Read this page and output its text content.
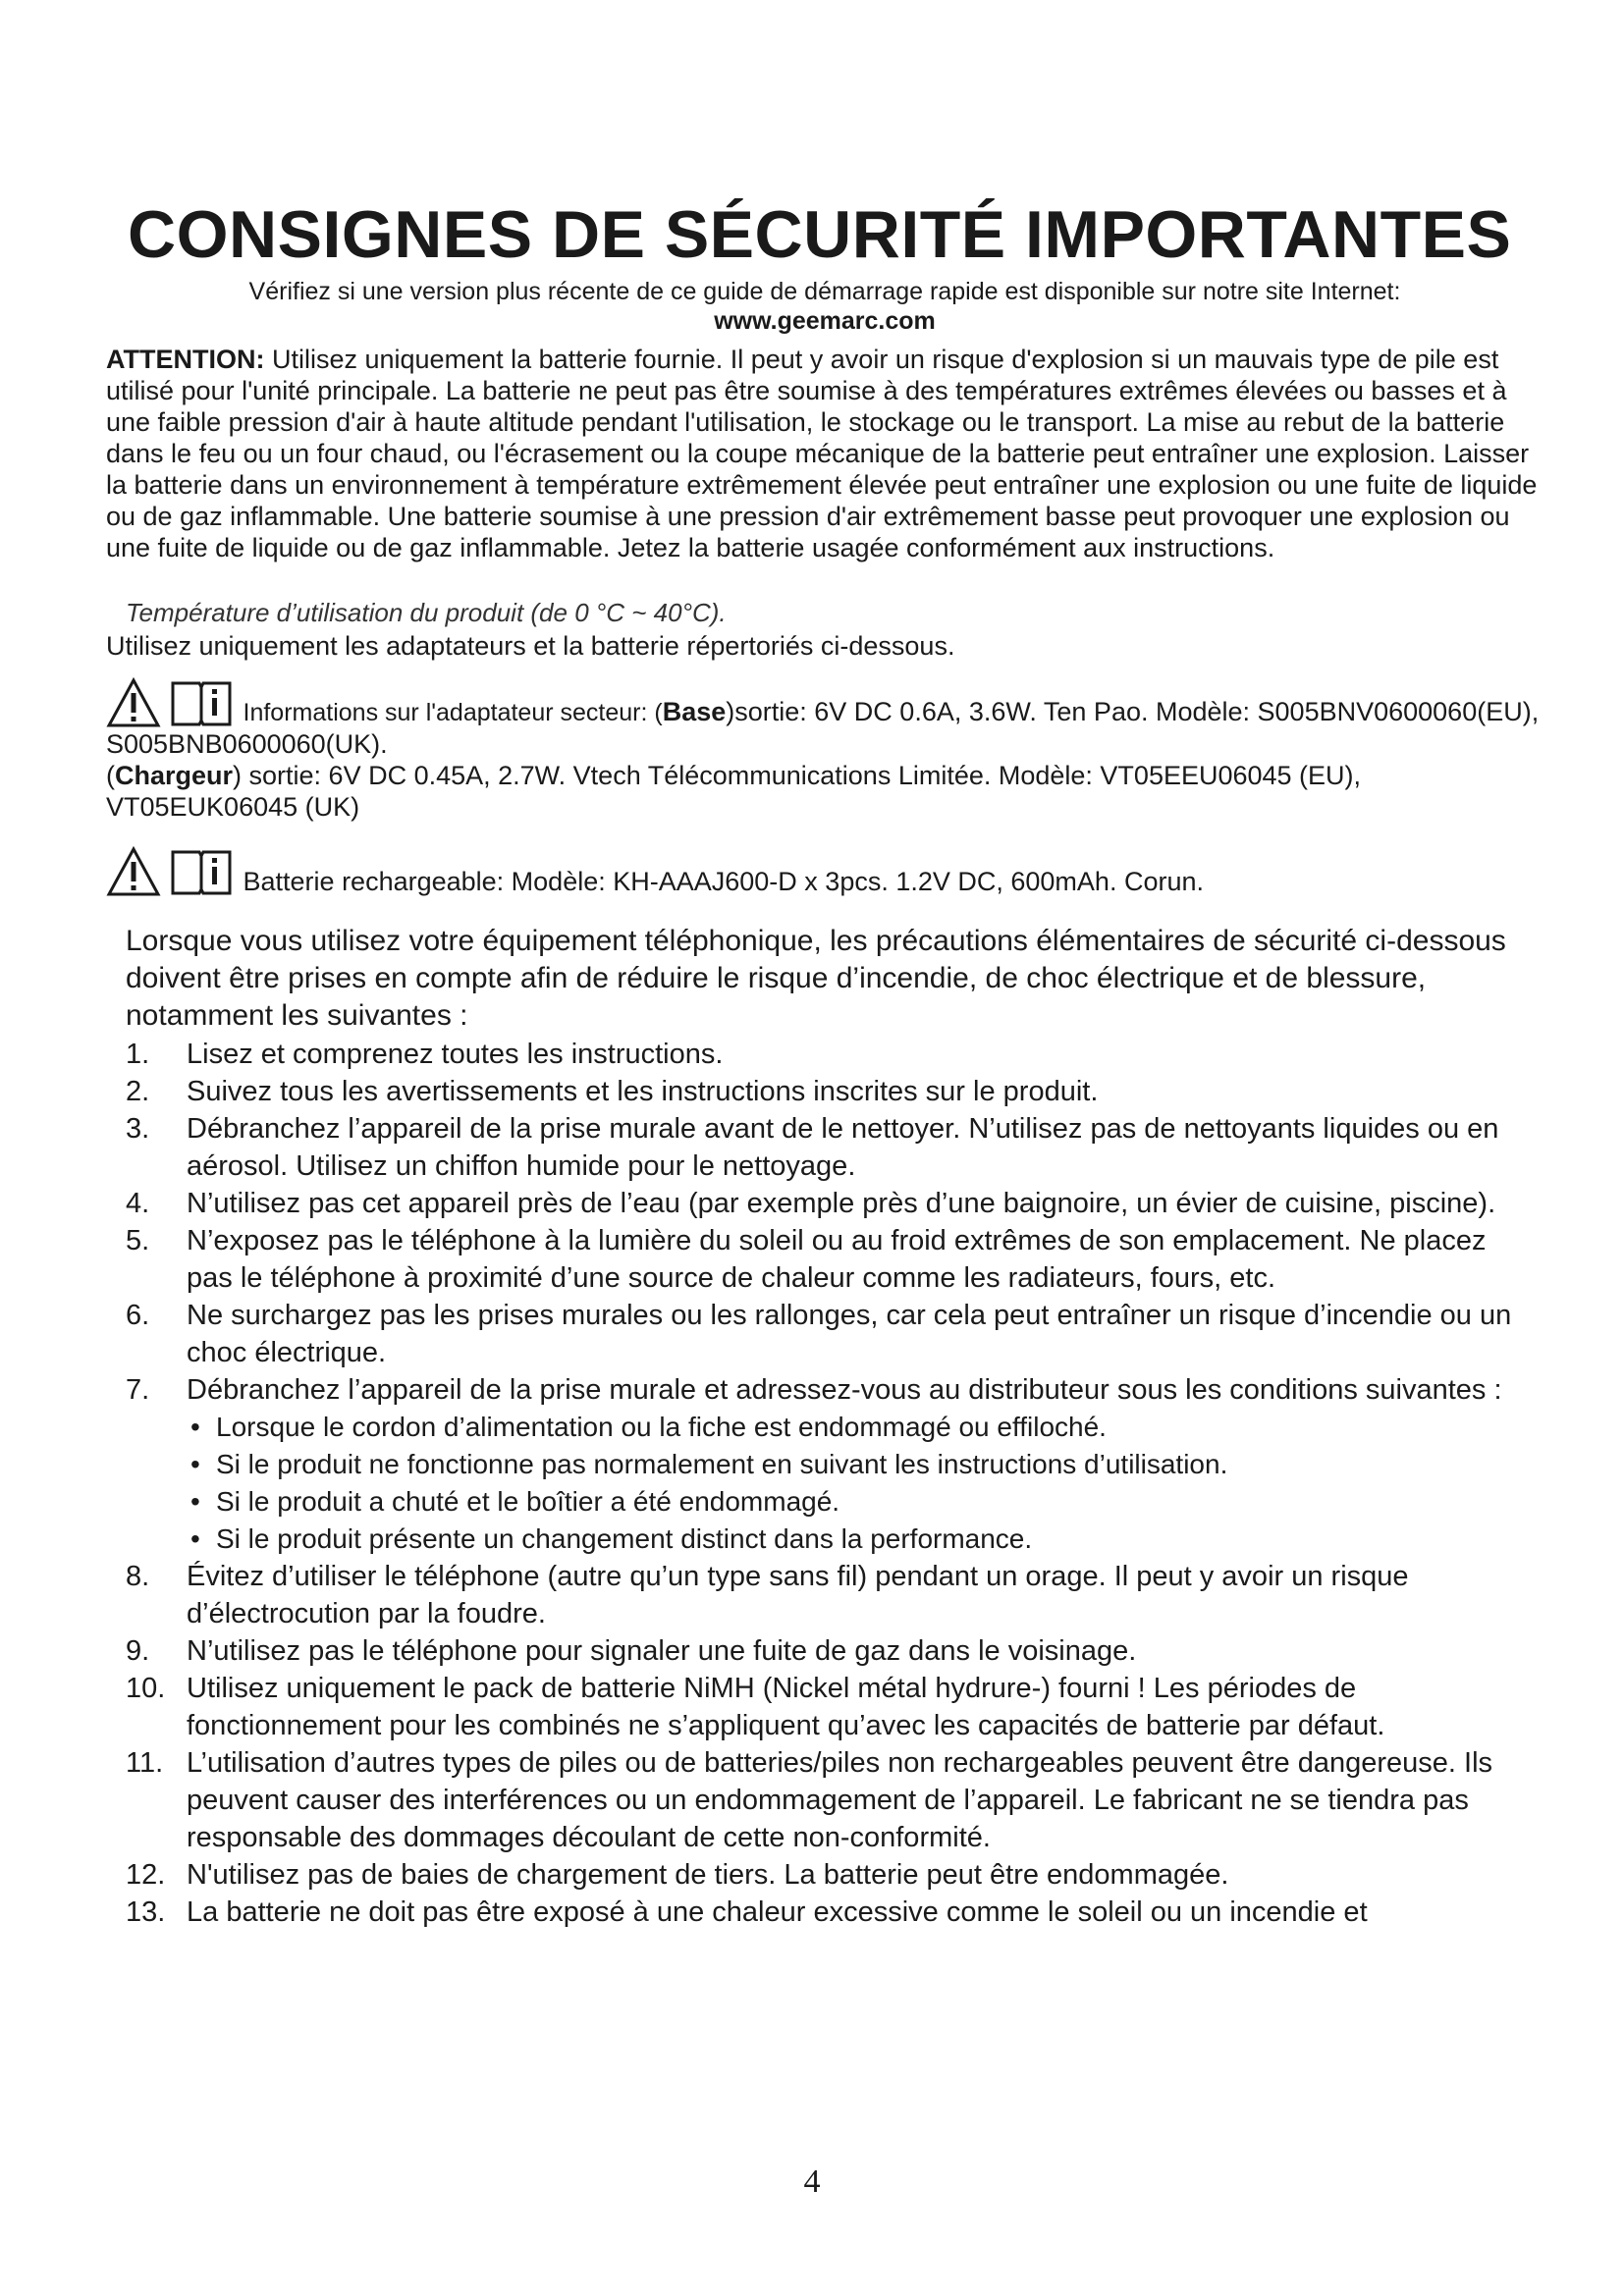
CONSIGNES DE SÉCURITÉ IMPORTANTES
Vérifiez si une version plus récente de ce guide de démarrage rapide est disponible sur notre site Internet:
www.geemarc.com
ATTENTION: Utilisez uniquement la batterie fournie. Il peut y avoir un risque d'explosion si un mauvais type de pile est utilisé pour l'unité principale. La batterie ne peut pas être soumise à des températures extrêmes élevées ou basses et à une faible pression d'air à haute altitude pendant l'utilisation, le stockage ou le transport. La mise au rebut de la batterie dans le feu ou un four chaud, ou l'écrasement ou la coupe mécanique de la batterie peut entraîner une explosion. Laisser la batterie dans un environnement à température extrêmement élevée peut entraîner une explosion ou une fuite de liquide ou de gaz inflammable. Une batterie soumise à une pression d'air extrêmement basse peut provoquer une explosion ou une fuite de liquide ou de gaz inflammable. Jetez la batterie usagée conformément aux instructions.
Température d’utilisation du produit (de 0 °C ~ 40°C).
Utilisez uniquement les adaptateurs et la batterie répertoriés ci-dessous.
Informations sur l'adaptateur secteur: (Base)sortie: 6V DC 0.6A, 3.6W. Ten Pao. Modèle: S005BNV0600060(EU), S005BNB0600060(UK).
(Chargeur) sortie: 6V DC 0.45A, 2.7W. Vtech Télécommunications Limitée. Modèle: VT05EEU06045 (EU), VT05EUK06045 (UK)
Batterie rechargeable: Modèle: KH-AAAJ600-D x 3pcs. 1.2V DC, 600mAh. Corun.
Lorsque vous utilisez votre équipement téléphonique, les précautions élémentaires de sécurité ci-dessous doivent être prises en compte afin de réduire le risque d’incendie, de choc électrique et de blessure, notamment les suivantes :
1. Lisez et comprenez toutes les instructions.
2. Suivez tous les avertissements et les instructions inscrites sur le produit.
3. Débranchez l’appareil de la prise murale avant de le nettoyer. N’utilisez pas de nettoyants liquides ou en aérosol. Utilisez un chiffon humide pour le nettoyage.
4. N’utilisez pas cet appareil près de l’eau (par exemple près d’une baignoire, un évier de cuisine, piscine).
5. N’exposez pas le téléphone à la lumière du soleil ou au froid extrêmes de son emplacement. Ne placez pas le téléphone à proximité d’une source de chaleur comme les radiateurs, fours, etc.
6. Ne surchargez pas les prises murales ou les rallonges, car cela peut entraîner un risque d’incendie ou un choc électrique.
7. Débranchez l’appareil de la prise murale et adressez-vous au distributeur sous les conditions suivantes :
• Lorsque le cordon d’alimentation ou la fiche est endommagé ou effiloché.
• Si le produit ne fonctionne pas normalement en suivant les instructions d’utilisation.
• Si le produit a chuté et le boîtier a été endommagé.
• Si le produit présente un changement distinct dans la performance.
8. Évitez d’utiliser le téléphone (autre qu’un type sans fil) pendant un orage. Il peut y avoir un risque d’électrocution par la foudre.
9. N’utilisez pas le téléphone pour signaler une fuite de gaz dans le voisinage.
10. Utilisez uniquement le pack de batterie NiMH (Nickel métal hydrure-) fourni ! Les périodes de fonctionnement pour les combinés ne s’appliquent qu’avec les capacités de batterie par défaut.
11. L’utilisation d’autres types de piles ou de batteries/piles non rechargeables peuvent être dangereuse. Ils peuvent causer des interférences ou un endommagement de l’appareil. Le fabricant ne se tiendra pas responsable des dommages découlant de cette non-conformité.
12. N'utilisez pas de baies de chargement de tiers. La batterie peut être endommagée.
13. La batterie ne doit pas être exposé à une chaleur excessive comme le soleil ou un incendie et
4
